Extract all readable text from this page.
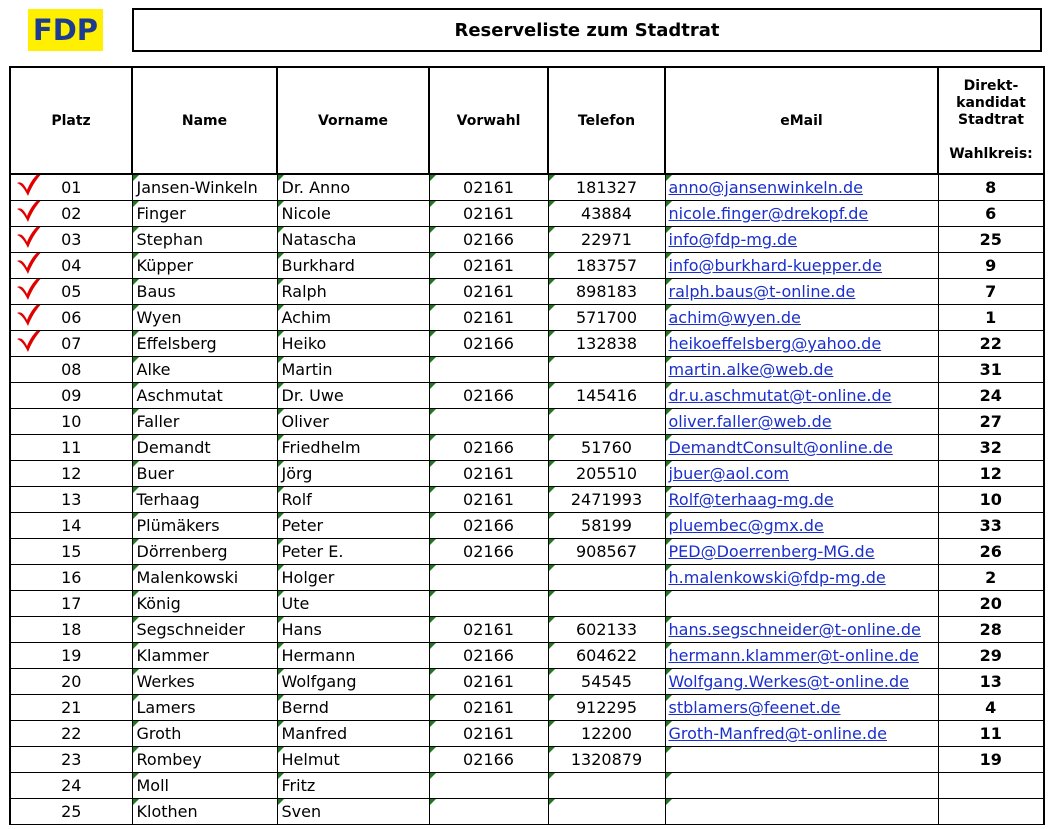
FDP	Reserveliste zum Stadtrat
Platz	Name	Vorname	Vorwahl	Telefon	eMail	Direkt-
kandidat
Stadtrat
Wahlkreis:

01	Jansen-Winkeln	Dr. Anno	02161	181327	anno@jansenwinkeln.de	8

02	Finger	Nicole	02161	43884	nicole.finger@drekopf.de	6

03	Stephan	Natascha	02166	22971	info@fdp-mg.de	25

04	Küpper	Burkhard	02161	183757	info@burkhard-kuepper.de	9

05	Baus	Ralph	02161	898183	ralph.baus@t-online.de	7

06	Wyen	Achim	02161	571700	achim@wyen.de	1

07	Effelsberg	Heiko	02166	132838	heikoeffelsberg@yahoo.de	22
08	Alke	Martin			martin.alke@web.de	31
09	Aschmutat	Dr. Uwe	02166	145416	dr.u.aschmutat@t-online.de	24
10	Faller	Oliver			oliver.faller@web.de	27
11	Demandt	Friedhelm	02166	51760	DemandtConsult@online.de	32
12	Buer	Jörg	02161	205510	jbuer@aol.com	12
13	Terhaag	Rolf	02161	2471993	Rolf@terhaag-mg.de	10
14	Plümäkers	Peter	02166	58199	pluembec@gmx.de	33
15	Dörrenberg	Peter E.	02166	908567	PED@Doerrenberg-MG.de	26
16	Malenkowski	Holger			h.malenkowski@fdp-mg.de	2
17	König	Ute				20
18	Segschneider	Hans	02161	602133	hans.segschneider@t-online.de	28
19	Klammer	Hermann	02166	604622	hermann.klammer@t-online.de	29
20	Werkes	Wolfgang	02161	54545	Wolfgang.Werkes@t-online.de	13
21	Lamers	Bernd	02161	912295	stblamers@feenet.de	4
22	Groth	Manfred	02161	12200	Groth-Manfred@t-online.de	11
23	Rombey	Helmut	02166	1320879		19
24	Moll	Fritz	

25	Klothen	Sven	
